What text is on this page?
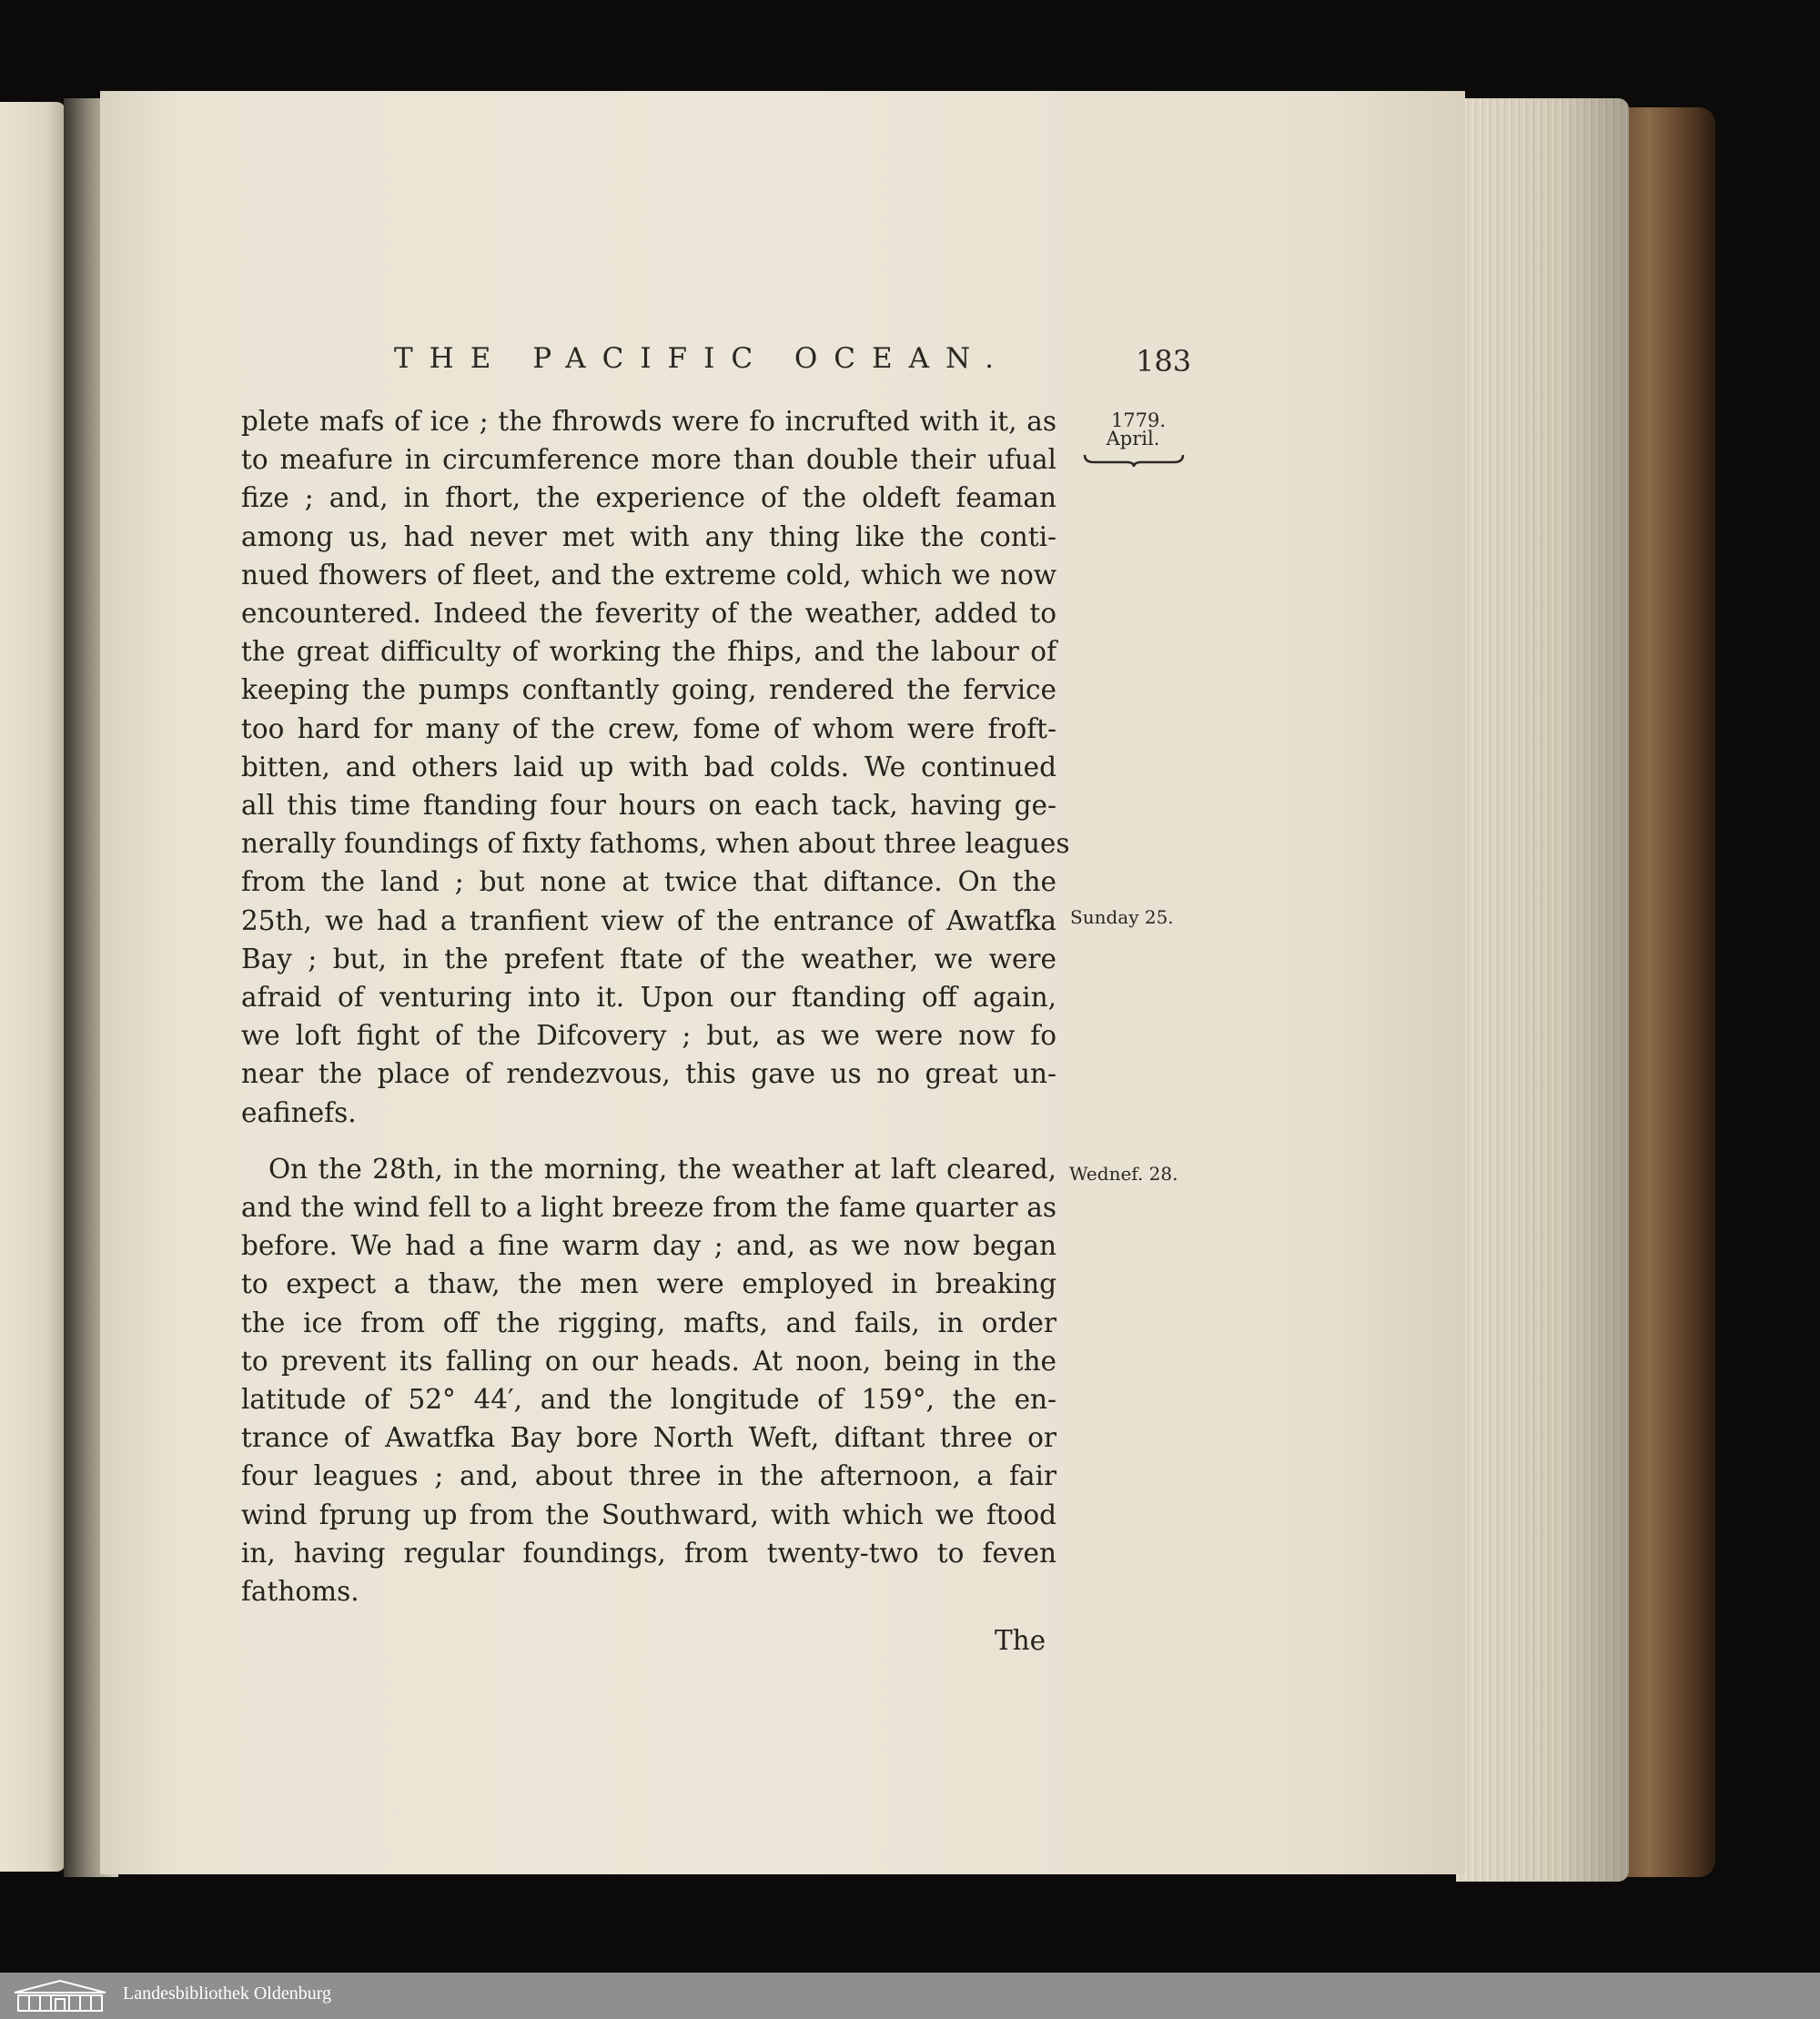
THE PACIFIC OCEAN.	183
1779.
April.
Sunday 25.
Wednef. 28.
plete mafs of ice ; the fhrowds were fo incrufted with it, as
to meafure in circumference more than double their ufual
fize ; and, in fhort, the experience of the oldeft feaman
among us, had never met with any thing like the conti-
nued fhowers of fleet, and the extreme cold, which we now
encountered. Indeed the feverity of the weather, added to
the great difficulty of working the fhips, and the labour of
keeping the pumps conftantly going, rendered the fervice
too hard for many of the crew, fome of whom were froft-
bitten, and others laid up with bad colds. We continued
all this time ftanding four hours on each tack, having ge-
nerally foundings of fixty fathoms, when about three leagues
from the land ; but none at twice that diftance. On the
25th, we had a tranfient view of the entrance of Awatfka
Bay ; but, in the prefent ftate of the weather, we were
afraid of venturing into it. Upon our ftanding off again,
we loft fight of the Difcovery ; but, as we were now fo
near the place of rendezvous, this gave us no great un-
eafinefs.
On the 28th, in the morning, the weather at laft cleared,
and the wind fell to a light breeze from the fame quarter as
before. We had a fine warm day ; and, as we now began
to expect a thaw, the men were employed in breaking
the ice from off the rigging, mafts, and fails, in order
to prevent its falling on our heads. At noon, being in the
latitude of 52° 44′, and the longitude of 159°, the en-
trance of Awatfka Bay bore North Weft, diftant three or
four leagues ; and, about three in the afternoon, a fair
wind fprung up from the Southward, with which we ftood
in, having regular foundings, from twenty-two to feven
fathoms.
The
Landesbibliothek Oldenburg
